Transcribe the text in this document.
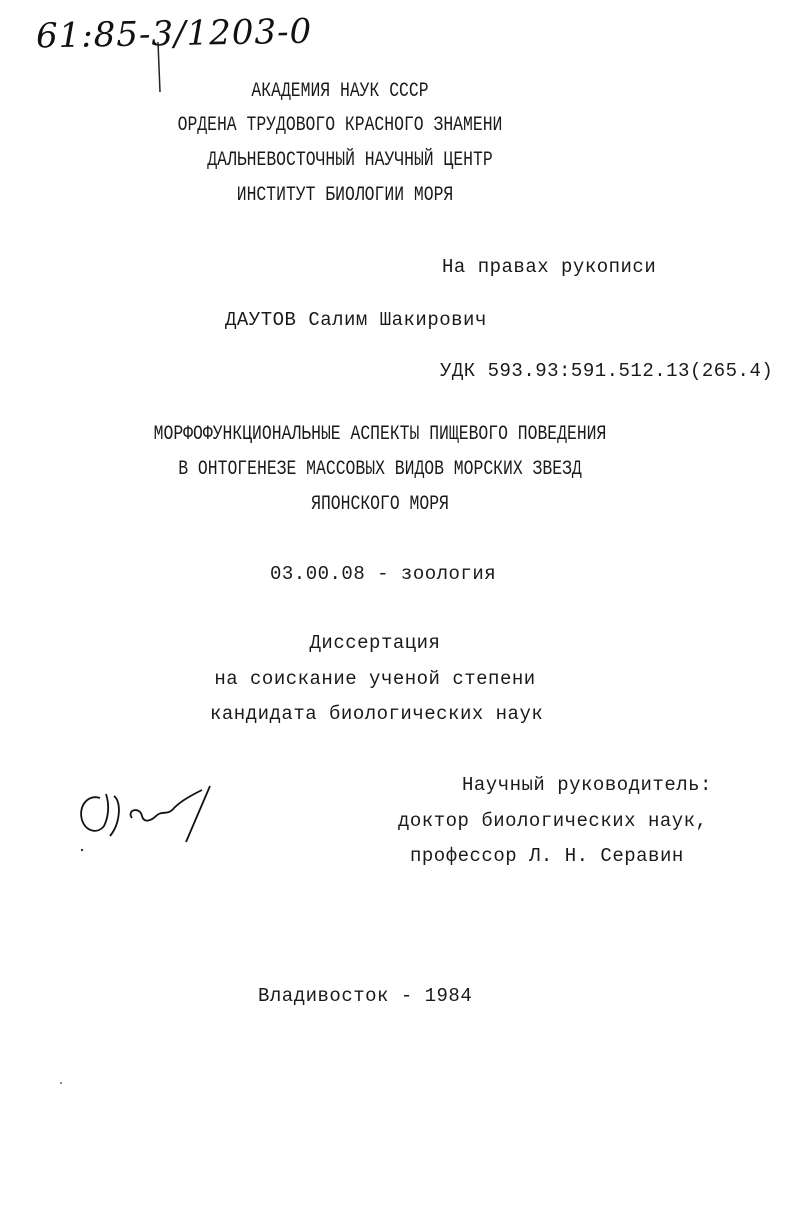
61:85-3/1203-0
АКАДЕМИЯ НАУК СССР
ОРДЕНА ТРУДОВОГО КРАСНОГО ЗНАМЕНИ
ДАЛЬНЕВОСТОЧНЫЙ НАУЧНЫЙ ЦЕНТР
ИНСТИТУТ БИОЛОГИИ МОРЯ
На правах рукописи
ДАУТОВ Салим Шакирович
УДК 593.93:591.512.13(265.4)
МОРФОФУНКЦИОНАЛЬНЫЕ АСПЕКТЫ ПИЩЕВОГО ПОВЕДЕНИЯ
В ОНТОГЕНЕЗЕ МАССОВЫХ ВИДОВ МОРСКИХ ЗВЕЗД
ЯПОНСКОГО МОРЯ
03.00.08 - зоология
Диссертация
на соискание ученой степени
кандидата биологических наук
Научный руководитель:
доктор биологических наук,
профессор Л. Н. Серавин
Владивосток - 1984
